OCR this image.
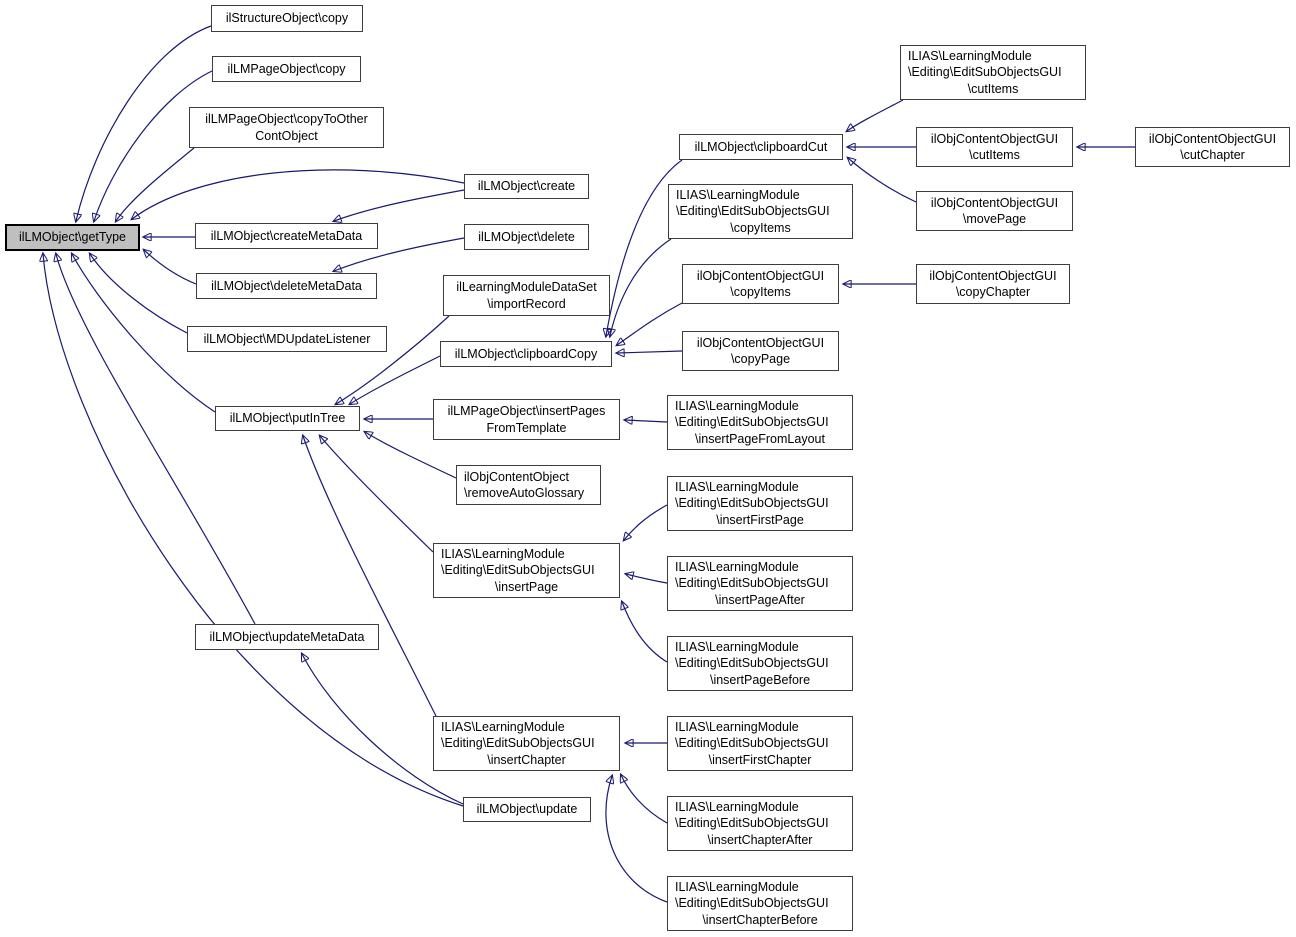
ilStructureObject\copy
ilLMPageObject\copy
ilLMPageObject\copyToOther
ContObject
ilLMObject\getType	ilLMObject\createMetaData
ilLMObject\deleteMetaData
ilLMObject\MDUpdateListener
ilLMObject\putInTree
ilLMObject\updateMetaData
ilLMObject\create
ilLMObject\delete
ilLearningModuleDataSet
\importRecord
ilLMObject\clipboardCopy
ilLMPageObject\insertPages
FromTemplate
ilObjContentObject
\removeAutoGlossary
ILIAS\LearningModule
\Editing\EditSubObjectsGUI
\insertPage
ILIAS\LearningModule
\Editing\EditSubObjectsGUI
\insertChapter
ilLMObject\update
ilLMObject\clipboardCut
ILIAS\LearningModule
\Editing\EditSubObjectsGUI
\copyItems
ilObjContentObjectGUI
\copyItems
ilObjContentObjectGUI
\copyPage
ILIAS\LearningModule
\Editing\EditSubObjectsGUI
\insertPageFromLayout
ILIAS\LearningModule
\Editing\EditSubObjectsGUI
\insertFirstPage
ILIAS\LearningModule
\Editing\EditSubObjectsGUI
\insertPageAfter
ILIAS\LearningModule
\Editing\EditSubObjectsGUI
\insertPageBefore
ILIAS\LearningModule
\Editing\EditSubObjectsGUI
\insertFirstChapter
ILIAS\LearningModule
\Editing\EditSubObjectsGUI
\insertChapterAfter
ILIAS\LearningModule
\Editing\EditSubObjectsGUI
\insertChapterBefore
ILIAS\LearningModule
\Editing\EditSubObjectsGUI
\cutItems
ilObjContentObjectGUI
\cutItems
ilObjContentObjectGUI
\movePage
ilObjContentObjectGUI
\copyChapter
ilObjContentObjectGUI
\cutChapter
